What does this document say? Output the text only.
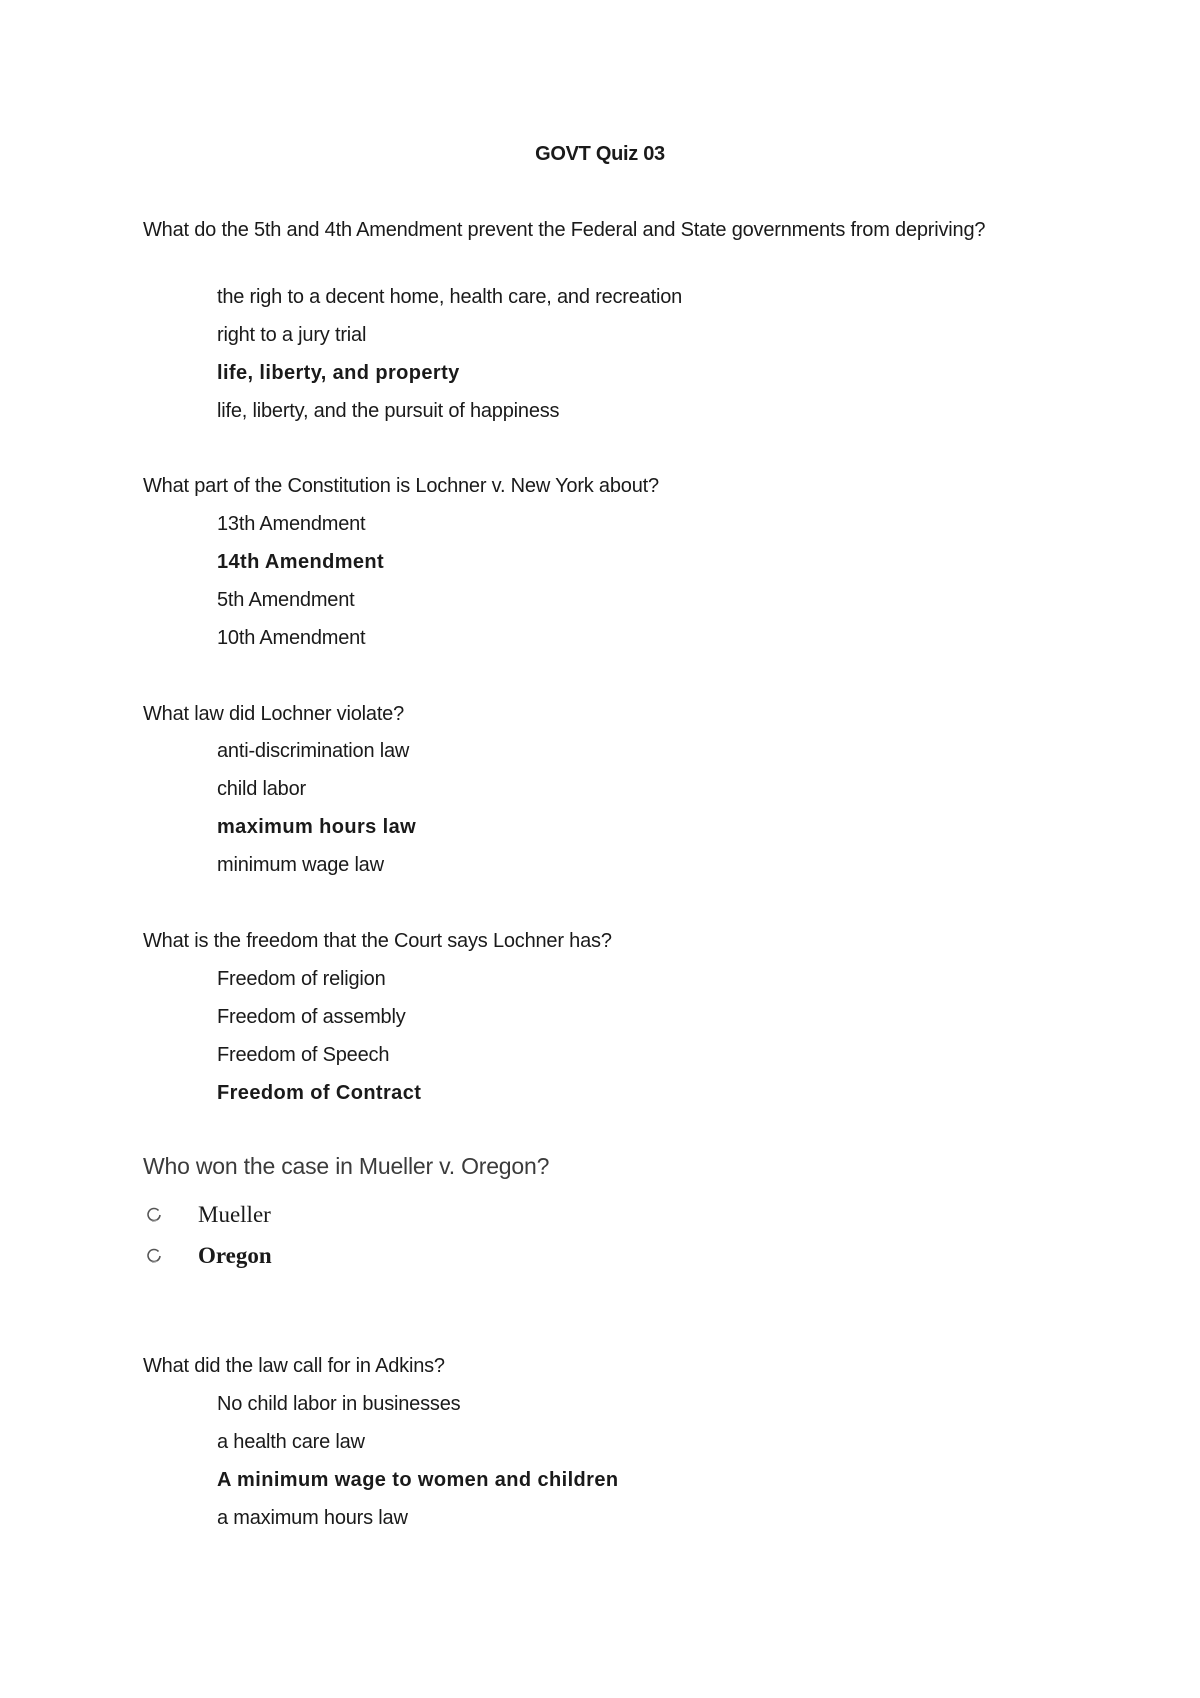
GOVT Quiz 03
What do the 5th and 4th Amendment prevent the Federal and State governments from depriving?
the righ to a decent home, health care, and recreation
right to a jury trial
life, liberty, and property
life, liberty, and the pursuit of happiness
What part of the Constitution is Lochner v. New York about?
13th Amendment
14th Amendment
5th Amendment
10th Amendment
What law did Lochner violate?
anti-discrimination law
child labor
maximum hours law
minimum wage law
What is the freedom that the Court says Lochner has?
Freedom of religion
Freedom of assembly
Freedom of Speech
Freedom of Contract
Who won the case in Mueller v. Oregon?
Mueller
Oregon
What did the law call for in Adkins?
No child labor in businesses
a health care law
A minimum wage to women and children
a maximum hours law
